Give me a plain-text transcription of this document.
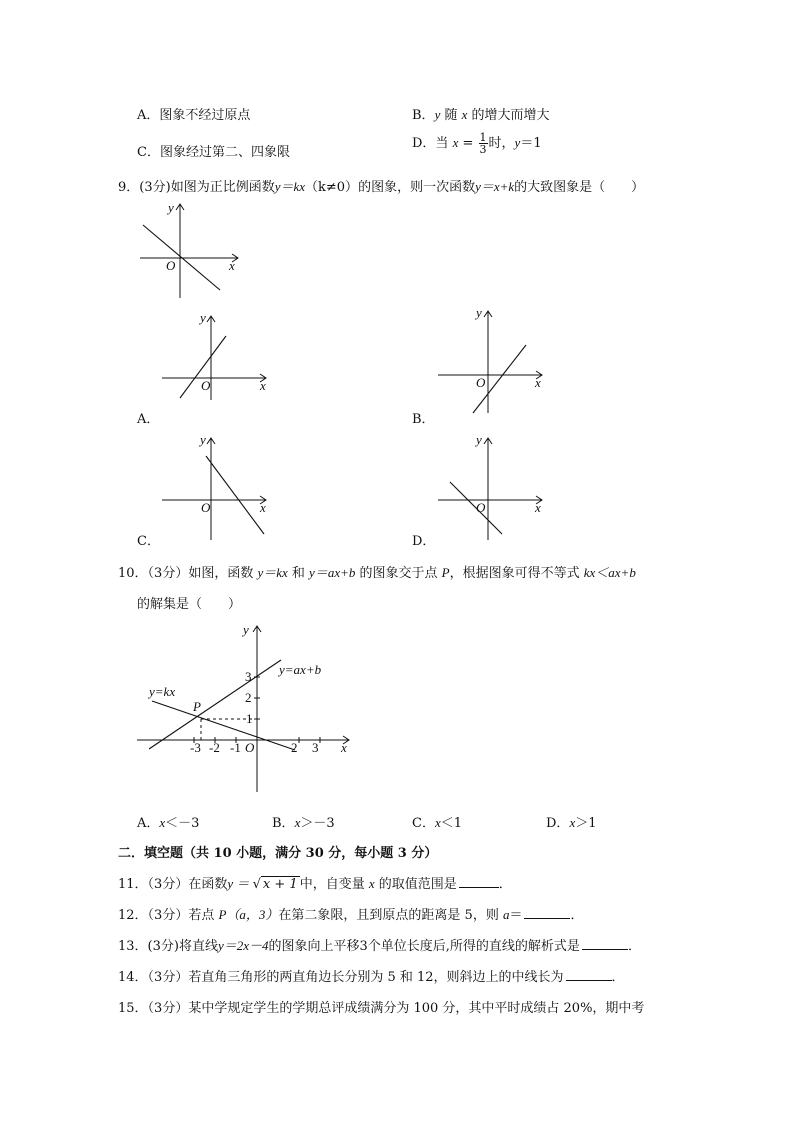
A．图象不经过原点	B．y 随 x 的增大而增大
C．图象经过第二、四象限
D．当 $x = \frac{1}{3}$ 时，y＝1
9．(3分)如图为正比例函数y＝kx（k≠0）的图象，则一次函数y＝x+k的大致图象是（　　）
y
x
O
y
x
O
A．
y
x
O
B．
y
x
O
C．
y
x
O
D．
10．（3分）如图，函数 y＝kx 和 y＝ax+b 的图象交于点 P，根据图象可得不等式 kx＜ax+b
的解集是（　　）
y
x
O
P
y=ax+b
y=kx
3
2
1
-3 -2 -1	2 3
A．x＜－3	B．x＞－3	C．x＜1	D．x＞1
二．填空题（共 10 小题，满分 30 分，每小题 3 分）
11．（3分）在函数y ＝ √ x + 1 中，自变量 x 的取值范围是	．
12．（3分）若点 P（a，3）在第二象限，且到原点的距离是 5，则 a＝	．
13．(3分)将直线y＝2x－4的图象向上平移3个单位长度后,所得的直线的解析式是	．
14．（3分）若直角三角形的两直角边长分别为 5 和 12，则斜边上的中线长为	．
15．（3分）某中学规定学生的学期总评成绩满分为 100 分，其中平时成绩占 20%，期中考
